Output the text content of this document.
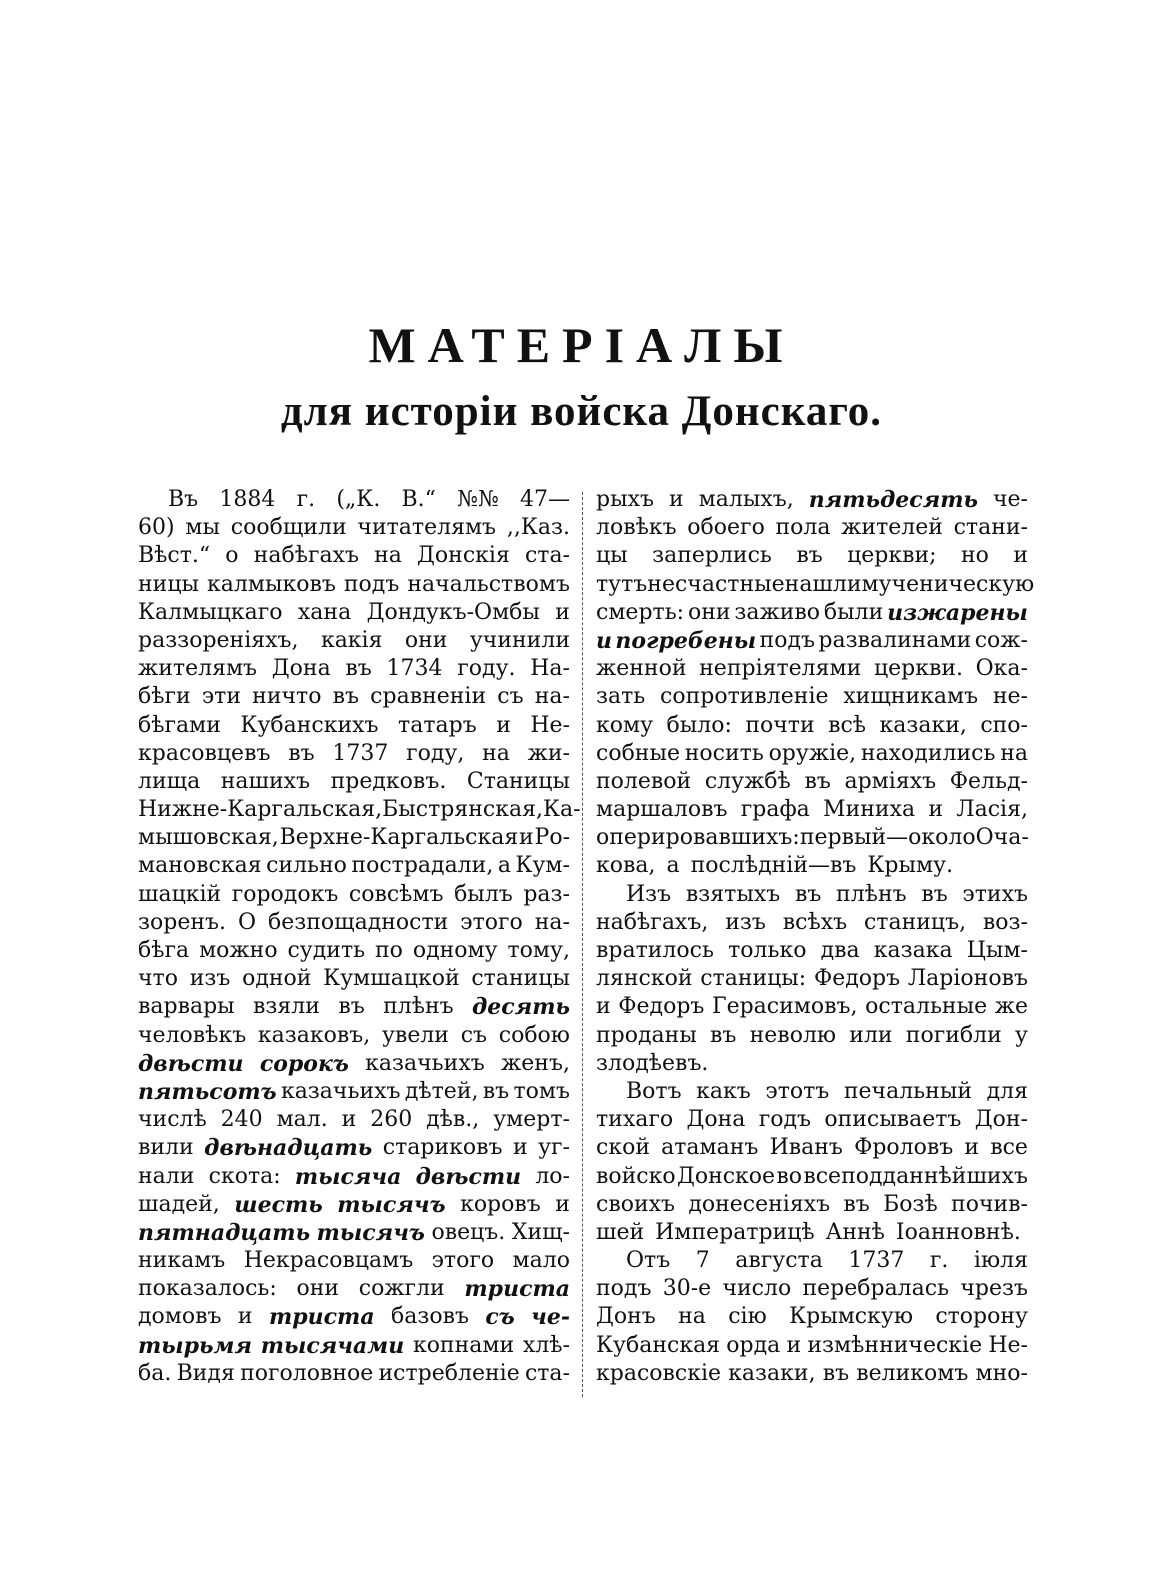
МАТЕРІАЛЫ
для исторіи войска Донскаго.
Въ 1884 г. („К. В.“ №№ 47—
60) мы сообщили читателямъ ,,Каз.
Вѣст.“ о набѣгахъ на Донскія ста-
ницы калмыковъ подъ начальствомъ
Калмыцкаго хана Дондукъ-Омбы и
раззореніяхъ, какія они учинили
жителямъ Дона въ 1734 году. На-
бѣги эти ничто въ сравненіи съ на-
бѣгами Кубанскихъ татаръ и Не-
красовцевъ въ 1737 году, на жи-
лища нашихъ предковъ. Станицы
Нижне-Каргальская, Быстрянская, Ка-
мышовская, Верхне-Каргальская и Ро-
мановская сильно пострадали, а Кум-
шацкій городокъ совсѣмъ былъ раз-
зоренъ. О безпощадности этого на-
бѣга можно судить по одному тому,
что изъ одной Кумшацкой станицы
варвары взяли въ плѣнъ десять
человѣкъ казаковъ, увели съ собою
двѣсти сорокъ казачьихъ женъ,
пятьсотъ казачьихъ дѣтей, въ томъ
числѣ 240 мал. и 260 дѣв., умерт-
вили двѣнадцать стариковъ и уг-
нали скота: тысяча двѣсти ло-
шадей, шесть тысячъ коровъ и
пятнадцать тысячъ овецъ. Хищ-
никамъ Некрасовцамъ этого мало
показалось: они сожгли триста
домовъ и триста базовъ съ че-
тырьмя тысячами копнами хлѣ-
ба. Видя поголовное истребленіе ста-
рыхъ и малыхъ, пятьдесять че-
ловѣкъ обоего пола жителей стани-
цы заперлись въ церкви; но и
тутъ несчастные нашли мученическую
смерть: они заживо были изжарены
и погребены подъ развалинами сож-
женной непріятелями церкви. Ока-
зать сопротивленіе хищникамъ не-
кому было: почти всѣ казаки, спо-
собные носить оружіе, находились на
полевой службѣ въ арміяхъ Фельд-
маршаловъ графа Миниха и Ласія,
оперировавшихъ: первый—около Оча-
кова, а послѣдній—въ Крыму.
Изъ взятыхъ въ плѣнъ въ этихъ
набѣгахъ, изъ всѣхъ станицъ, воз-
вратилось только два казака Цым-
лянской станицы: Федоръ Ларіоновъ
и Федоръ Герасимовъ, остальные же
проданы въ неволю или погибли у
злодѣевъ.
Вотъ какъ этотъ печальный для
тихаго Дона годъ описываетъ Дон-
ской атаманъ Иванъ Фроловъ и все
войско Донское во всеподданнѣйшихъ
своихъ донесеніяхъ въ Бозѣ почив-
шей Императрицѣ Аннѣ Іоанновнѣ.
Отъ 7 августа 1737 г. іюля
подъ 30-е число перебралась чрезъ
Донъ на сію Крымскую сторону
Кубанская орда и измѣнническіе Не-
красовскіе казаки, въ великомъ мно-
